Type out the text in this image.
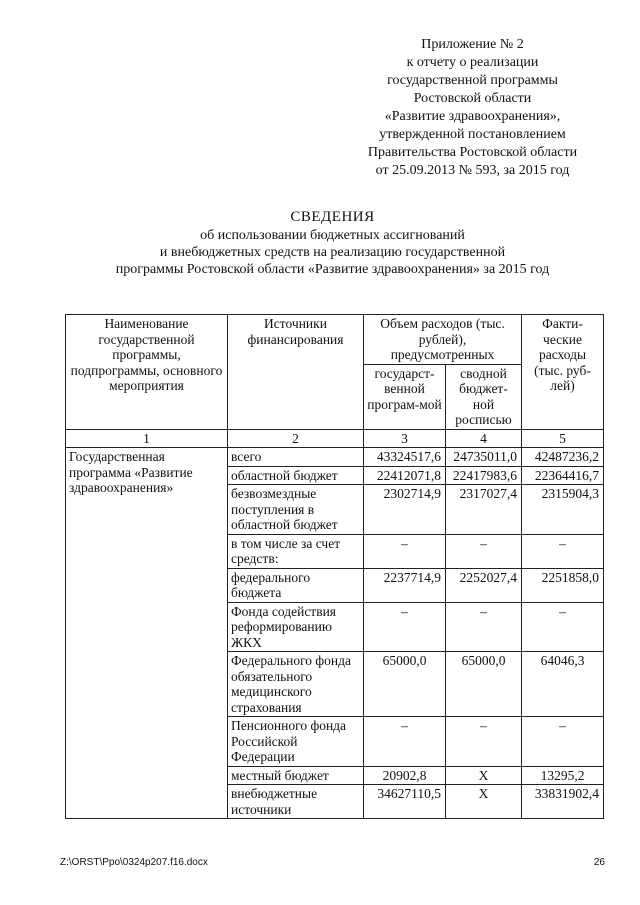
Приложение № 2
к отчету о реализации
государственной программы
Ростовской области
«Развитие здравоохранения»,
утвержденной постановлением
Правительства Ростовской области
от 25.09.2013 № 593, за 2015 год
СВЕДЕНИЯ
об использовании бюджетных ассигнований
и внебюджетных средств на реализацию государственной
программы Ростовской области «Развитие здравоохранения» за 2015 год
Наименование государственной программы, подпрограммы, основного мероприятия	Источники финансирования	Объем расходов (тыс. рублей), предусмотренных		Факти-ческие расходы (тыс. руб-лей)
		государст-венной програм-мой	сводной бюджет-ной росписью	
1	2	3	4	5
Государственная программа «Развитие здравоохранения»	всего	43324517,6	24735011,0	42487236,2
	областной бюджет	22412071,8	22417983,6	22364416,7
	безвозмездные поступления в областной бюджет	2302714,9	2317027,4	2315904,3
	в том числе за счет средств:	–	–	–
	федерального бюджета	2237714,9	2252027,4	2251858,0
	Фонда содействия реформированию ЖКХ	–	–	–
	Федерального фонда обязательного медицинского страхования	65000,0	65000,0	64046,3
	Пенсионного фонда Российской Федерации	–	–	–
	местный бюджет	20902,8	X	13295,2
	внебюджетные источники	34627110,5	X	33831902,4
Z:\ORST\Ppo\0324p207.f16.docx	26
